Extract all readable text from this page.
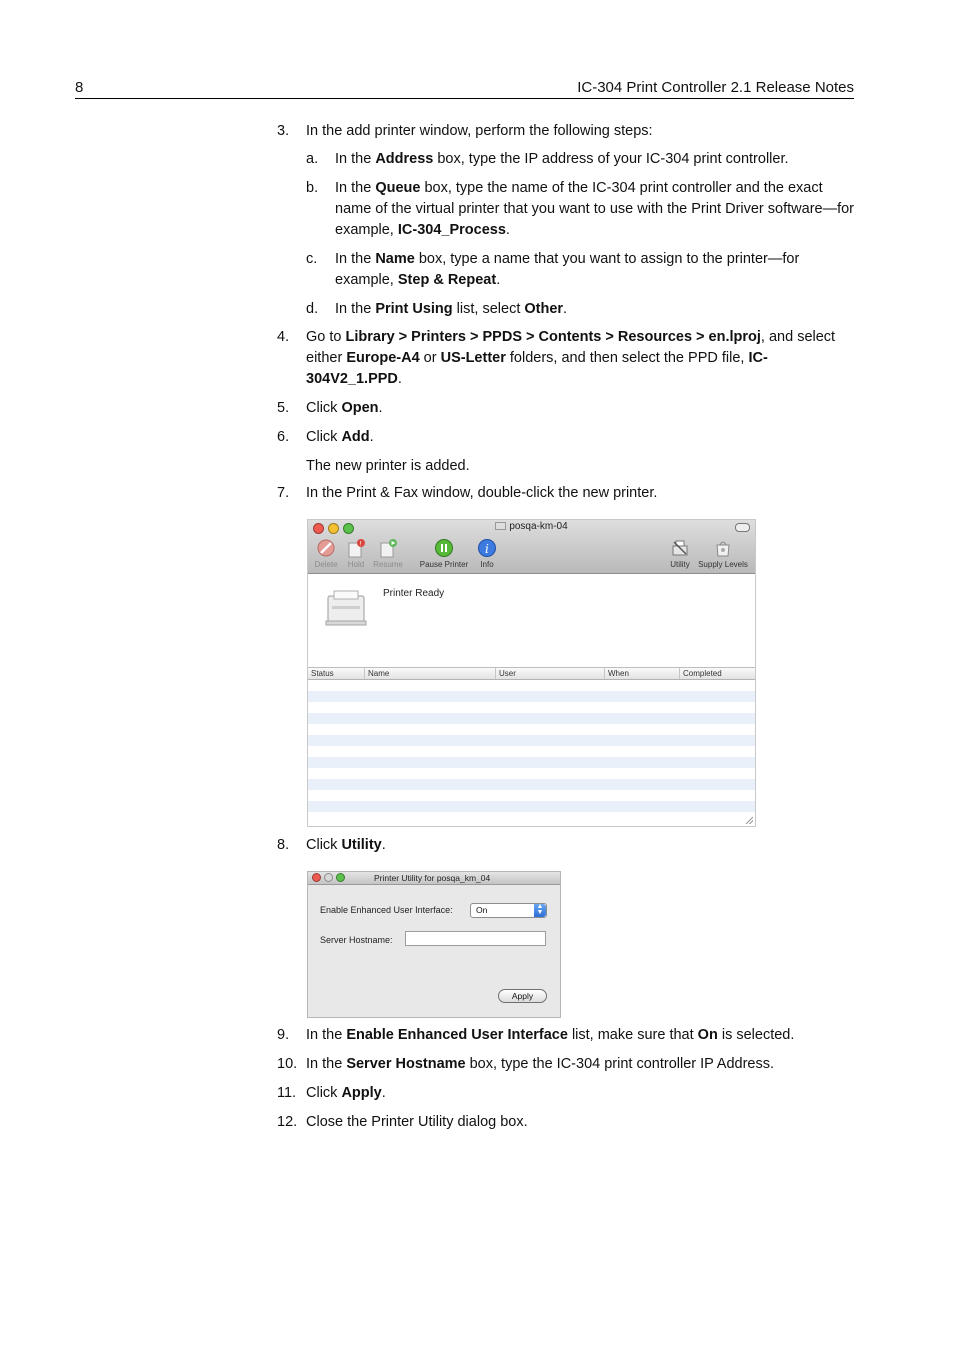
8	IC-304 Print Controller 2.1 Release Notes
3. In the add printer window, perform the following steps:
a. In the Address box, type the IP address of your IC-304 print controller.
b. In the Queue box, type the name of the IC-304 print controller and the exact name of the virtual printer that you want to use with the Print Driver software—for example, IC-304_Process.
c. In the Name box, type a name that you want to assign to the printer—for example, Step & Repeat.
d. In the Print Using list, select Other.
4. Go to Library > Printers > PPDS > Contents > Resources > en.lproj, and select either Europe-A4 or US-Letter folders, and then select the PPD file, IC-304V2_1.PPD.
5. Click Open.
6. Click Add.
The new printer is added.
7. In the Print & Fax window, double-click the new printer.
posqa-km-04
Delete
!
Hold	Resume Pause Printer
i
Info	Utility	Supply Levels
Printer Ready
Status	Name	User	When	Completed
8. Click Utility.
Printer Utility for posqa_km_04
Enable Enhanced User Interface:	On	▲
▼
Server Hostname:
Apply
9. In the Enable Enhanced User Interface list, make sure that On is selected.
10. In the Server Hostname box, type the IC-304 print controller IP Address.
11. Click Apply.
12. Close the Printer Utility dialog box.
